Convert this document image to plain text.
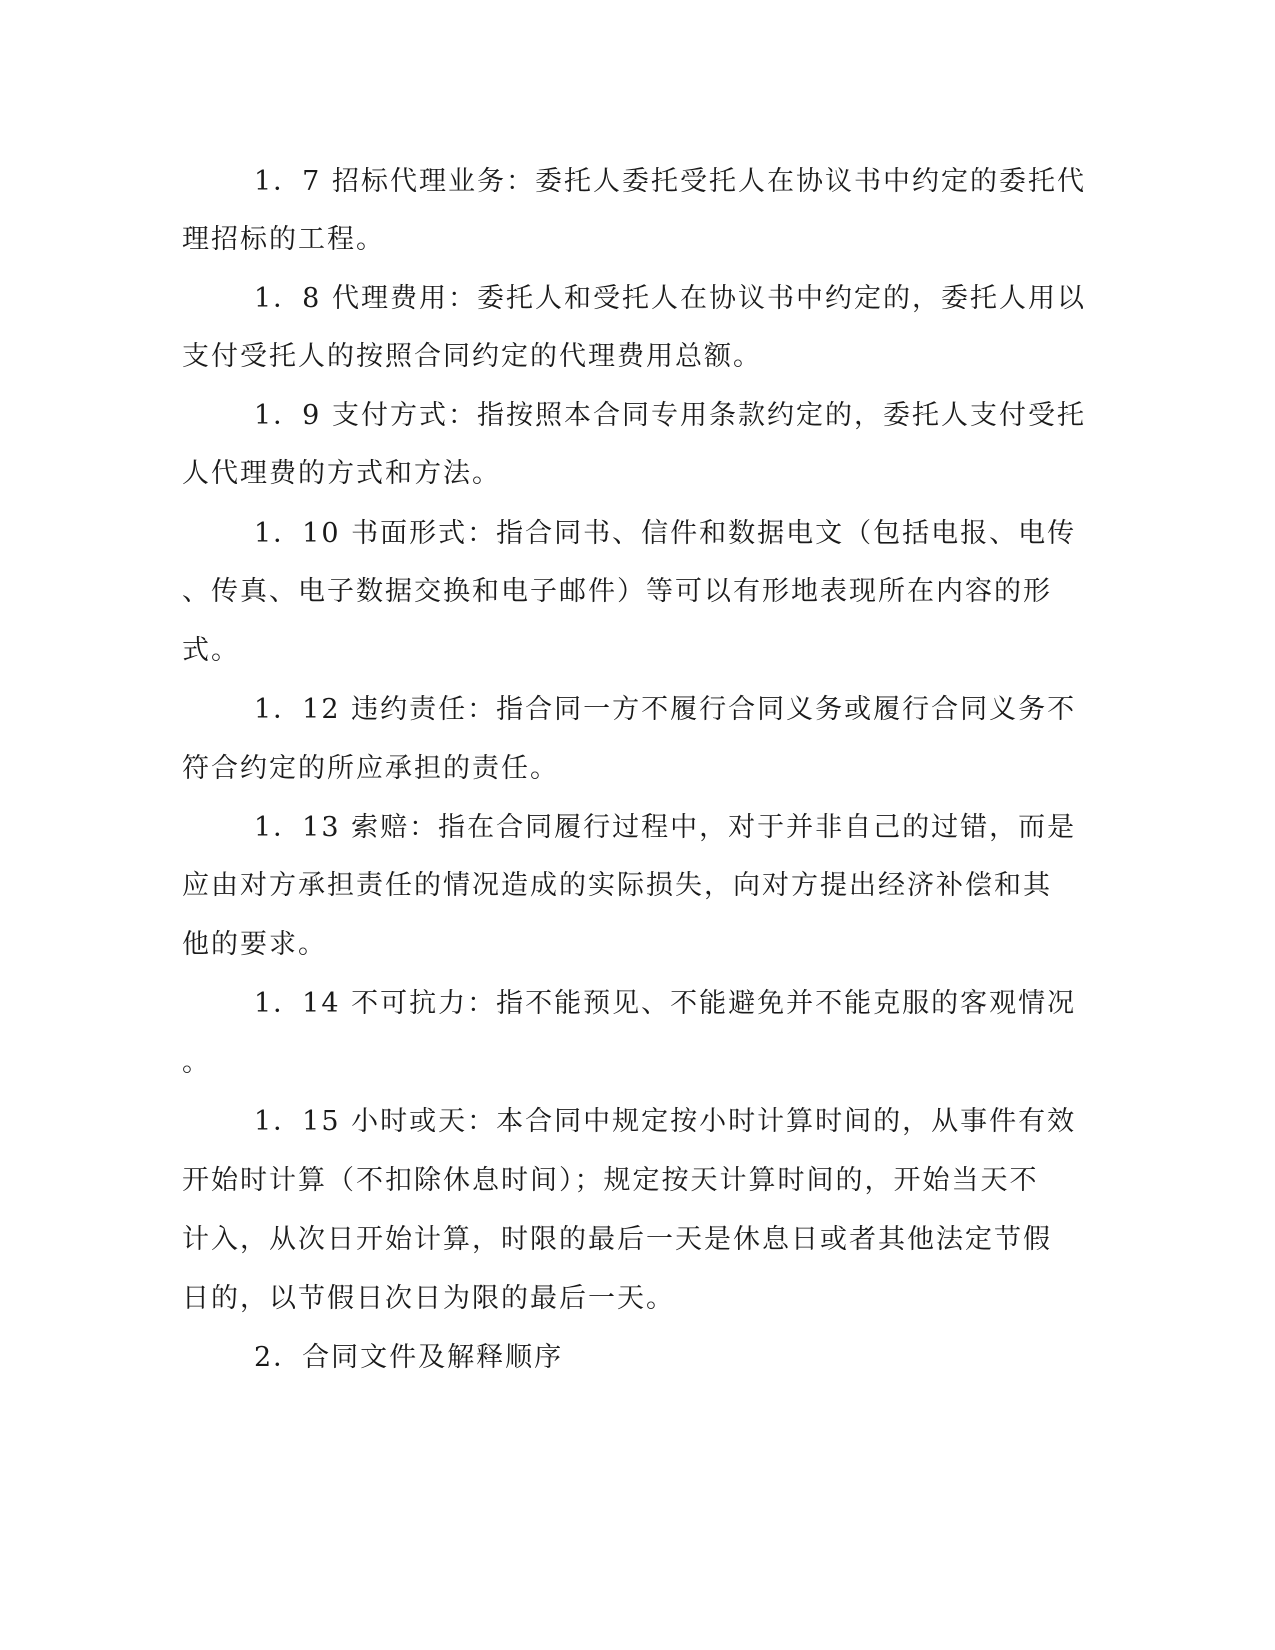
1．7 招标代理业务：委托人委托受托人在协议书中约定的委托代
理招标的工程。
1．8 代理费用：委托人和受托人在协议书中约定的，委托人用以
支付受托人的按照合同约定的代理费用总额。
1．9 支付方式：指按照本合同专用条款约定的，委托人支付受托
人代理费的方式和方法。
1．10 书面形式：指合同书、信件和数据电文（包括电报、电传
、传真、电子数据交换和电子邮件）等可以有形地表现所在内容的形
式。
1．12 违约责任：指合同一方不履行合同义务或履行合同义务不
符合约定的所应承担的责任。
1．13 索赔：指在合同履行过程中，对于并非自己的过错，而是
应由对方承担责任的情况造成的实际损失，向对方提出经济补偿和其
他的要求。
1．14 不可抗力：指不能预见、不能避免并不能克服的客观情况
。
1．15 小时或天：本合同中规定按小时计算时间的，从事件有效
开始时计算（不扣除休息时间）；规定按天计算时间的，开始当天不
计入，从次日开始计算，时限的最后一天是休息日或者其他法定节假
日的，以节假日次日为限的最后一天。
2．合同文件及解释顺序
